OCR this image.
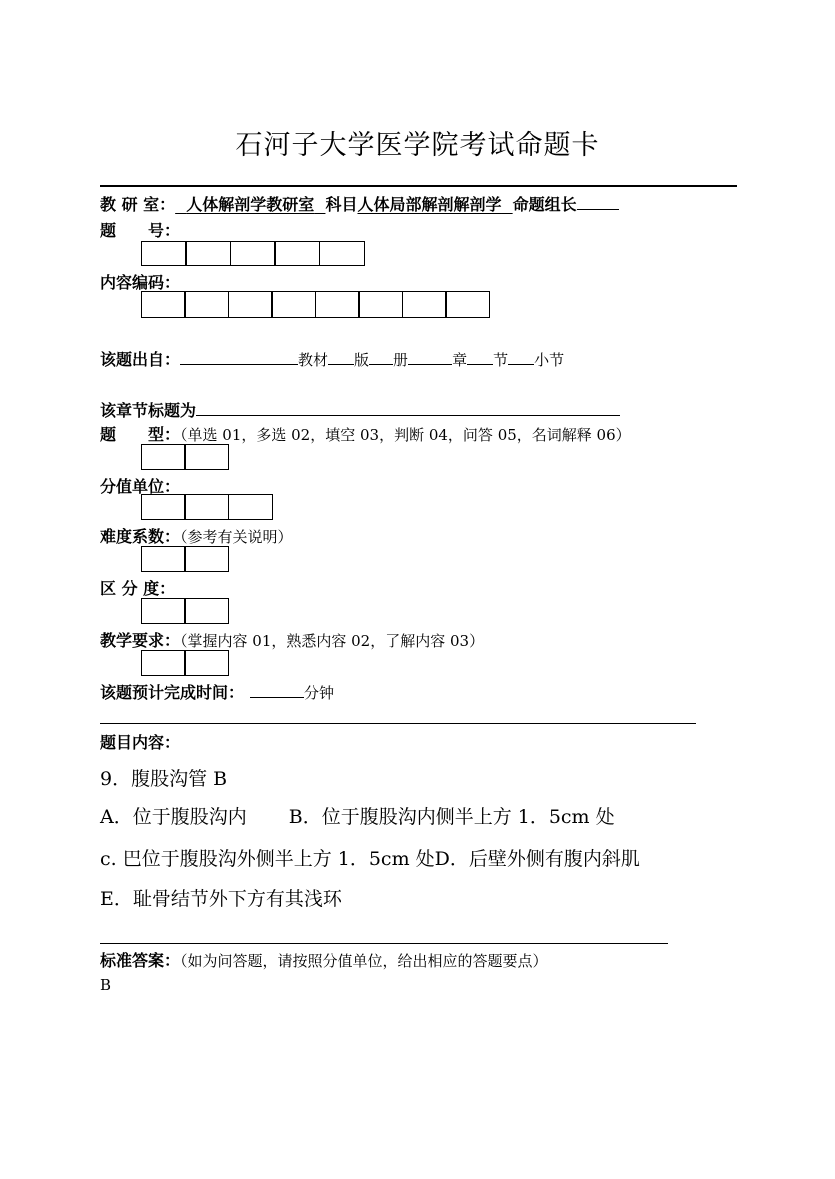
石河子大学医学院考试命题卡
教 研 室：  人体解剖学教研室  科目人体局部解剖解剖学  命题组长
题　　号：
内容编码：
该题出自：	教材 版 册	章 节 小节
该章节标题为
题　　型：（单选 01，多选 02，填空 03，判断 04，问答 05，名词解释 06）
分值单位：
难度系数：（参考有关说明）
区 分 度：
教学要求：（掌握内容 01，熟悉内容 02，了解内容 03）
该题预计完成时间：	分钟
题目内容：
9．腹股沟管 B
A．位于腹股沟内 B．位于腹股沟内侧半上方 1．5cm 处
c. 巴位于腹股沟外侧半上方 1．5cm 处D．后壁外侧有腹内斜肌
E．耻骨结节外下方有其浅环
标准答案：（如为问答题，请按照分值单位，给出相应的答题要点）
B
